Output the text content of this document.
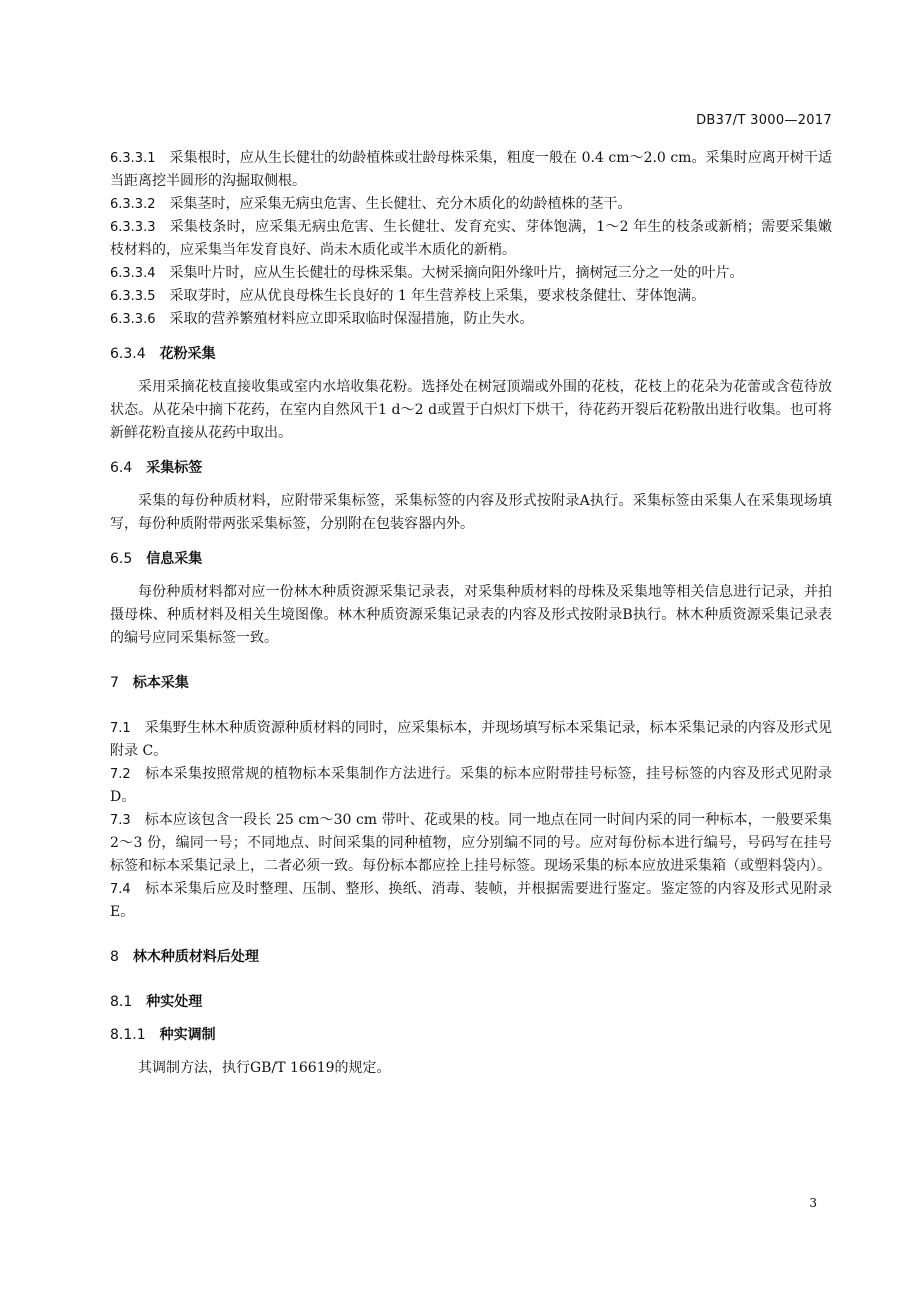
DB37/T 3000—2017

6.3.3.1 采集根时，应从生长健壮的幼龄植株或壮龄母株采集，粗度一般在 0.4 cm～2.0 cm。采集时应离开树干适当距离挖半圆形的沟掘取侧根。

6.3.3.2 采集茎时，应采集无病虫危害、生长健壮、充分木质化的幼龄植株的茎干。

6.3.3.3 采集枝条时，应采集无病虫危害、生长健壮、发育充实、芽体饱满，1～2 年生的枝条或新梢；需要采集嫩枝材料的，应采集当年发育良好、尚未木质化或半木质化的新梢。

6.3.3.4 采集叶片时，应从生长健壮的母株采集。大树采摘向阳外缘叶片，摘树冠三分之一处的叶片。

6.3.3.5 采取芽时，应从优良母株生长良好的 1 年生营养枝上采集，要求枝条健壮、芽体饱满。

6.3.3.6 采取的营养繁殖材料应立即采取临时保湿措施，防止失水。

6.3.4 花粉采集

采用采摘花枝直接收集或室内水培收集花粉。选择处在树冠顶端或外围的花枝，花枝上的花朵为花蕾或含苞待放状态。从花朵中摘下花药，在室内自然风干1 d～2 d或置于白炽灯下烘干，待花药开裂后花粉散出进行收集。也可将新鲜花粉直接从花药中取出。

6.4 采集标签

采集的每份种质材料，应附带采集标签，采集标签的内容及形式按附录A执行。采集标签由采集人在采集现场填写，每份种质附带两张采集标签，分别附在包装容器内外。

6.5 信息采集

每份种质材料都对应一份林木种质资源采集记录表，对采集种质材料的母株及采集地等相关信息进行记录，并拍摄母株、种质材料及相关生境图像。林木种质资源采集记录表的内容及形式按附录B执行。林木种质资源采集记录表的编号应同采集标签一致。

7 标本采集

7.1 采集野生林木种质资源种质材料的同时，应采集标本，并现场填写标本采集记录，标本采集记录的内容及形式见附录 C。

7.2 标本采集按照常规的植物标本采集制作方法进行。采集的标本应附带挂号标签，挂号标签的内容及形式见附录 D。

7.3 标本应该包含一段长 25 cm～30 cm 带叶、花或果的枝。同一地点在同一时间内采的同一种标本，一般要采集 2～3 份，编同一号；不同地点、时间采集的同种植物，应分别编不同的号。应对每份标本进行编号，号码写在挂号标签和标本采集记录上，二者必须一致。每份标本都应拴上挂号标签。现场采集的标本应放进采集箱（或塑料袋内）。

7.4 标本采集后应及时整理、压制、整形、换纸、消毒、装帧，并根据需要进行鉴定。鉴定签的内容及形式见附录 E。

8 林木种质材料后处理

8.1 种实处理

8.1.1 种实调制

其调制方法，执行GB/T 16619的规定。

3
